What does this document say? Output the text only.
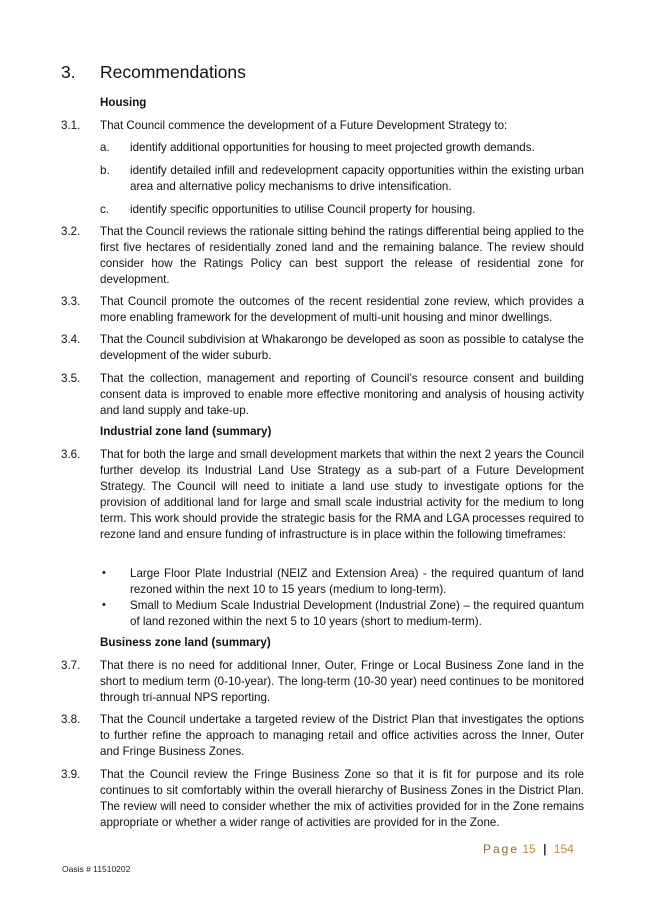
3. Recommendations
Housing
3.1. That Council commence the development of a Future Development Strategy to:
a. identify additional opportunities for housing to meet projected growth demands.
b. identify detailed infill and redevelopment capacity opportunities within the existing urban area and alternative policy mechanisms to drive intensification.
c. identify specific opportunities to utilise Council property for housing.
3.2. That the Council reviews the rationale sitting behind the ratings differential being applied to the first five hectares of residentially zoned land and the remaining balance. The review should consider how the Ratings Policy can best support the release of residential zone for development.
3.3. That Council promote the outcomes of the recent residential zone review, which provides a more enabling framework for the development of multi-unit housing and minor dwellings.
3.4. That the Council subdivision at Whakarongo be developed as soon as possible to catalyse the development of the wider suburb.
3.5. That the collection, management and reporting of Council’s resource consent and building consent data is improved to enable more effective monitoring and analysis of housing activity and land supply and take-up.
Industrial zone land (summary)
3.6. That for both the large and small development markets that within the next 2 years the Council further develop its Industrial Land Use Strategy as a sub-part of a Future Development Strategy. The Council will need to initiate a land use study to investigate options for the provision of additional land for large and small scale industrial activity for the medium to long term. This work should provide the strategic basis for the RMA and LGA processes required to rezone land and ensure funding of infrastructure is in place within the following timeframes:
• Large Floor Plate Industrial (NEIZ and Extension Area) - the required quantum of land rezoned within the next 10 to 15 years (medium to long-term).
• Small to Medium Scale Industrial Development (Industrial Zone) – the required quantum of land rezoned within the next 5 to 10 years (short to medium-term).
Business zone land (summary)
3.7. That there is no need for additional Inner, Outer, Fringe or Local Business Zone land in the short to medium term (0-10-year). The long-term (10-30 year) need continues to be monitored through tri-annual NPS reporting.
3.8. That the Council undertake a targeted review of the District Plan that investigates the options to further refine the approach to managing retail and office activities across the Inner, Outer and Fringe Business Zones.
3.9. That the Council review the Fringe Business Zone so that it is fit for purpose and its role continues to sit comfortably within the overall hierarchy of Business Zones in the District Plan. The review will need to consider whether the mix of activities provided for in the Zone remains appropriate or whether a wider range of activities are provided for in the Zone.
Page 15 | 154
Oasis # 11510202
